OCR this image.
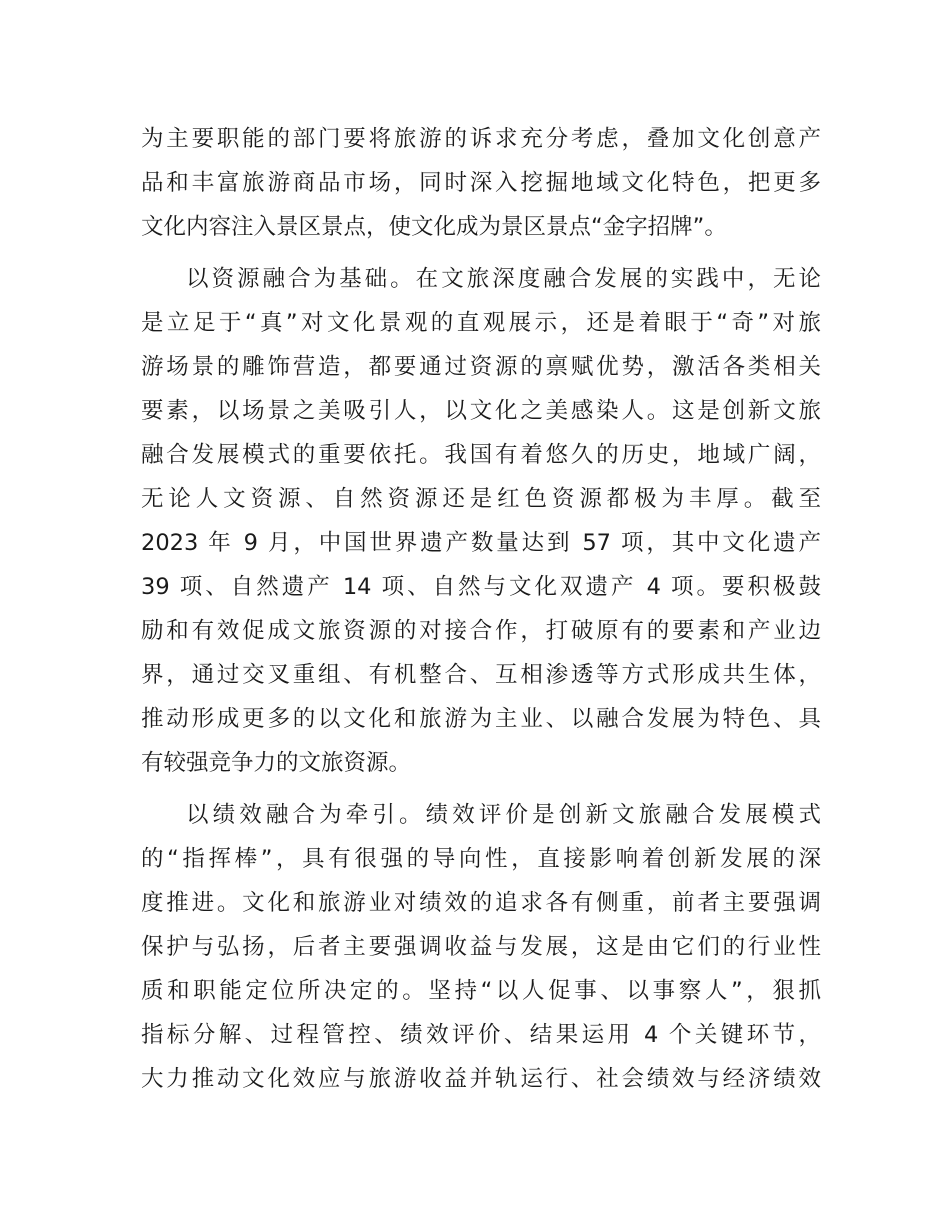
为主要职能的部门要将旅游的诉求充分考虑，叠加文化创意产
品和丰富旅游商品市场，同时深入挖掘地域文化特色，把更多
文化内容注入景区景点，使文化成为景区景点“金字招牌”。
以资源融合为基础。在文旅深度融合发展的实践中，无论
是立足于“真”对文化景观的直观展示，还是着眼于“奇”对旅
游场景的雕饰营造，都要通过资源的禀赋优势，激活各类相关
要素，以场景之美吸引人，以文化之美感染人。这是创新文旅
融合发展模式的重要依托。我国有着悠久的历史，地域广阔，
无论人文资源、自然资源还是红色资源都极为丰厚。截至
2023 年 9 月，中国世界遗产数量达到 57 项，其中文化遗产
39 项、自然遗产 14 项、自然与文化双遗产 4 项。要积极鼓
励和有效促成文旅资源的对接合作，打破原有的要素和产业边
界，通过交叉重组、有机整合、互相渗透等方式形成共生体，
推动形成更多的以文化和旅游为主业、以融合发展为特色、具
有较强竞争力的文旅资源。
以绩效融合为牵引。绩效评价是创新文旅融合发展模式
的“指挥棒”，具有很强的导向性，直接影响着创新发展的深
度推进。文化和旅游业对绩效的追求各有侧重，前者主要强调
保护与弘扬，后者主要强调收益与发展，这是由它们的行业性
质和职能定位所决定的。坚持“以人促事、以事察人”，狠抓
指标分解、过程管控、绩效评价、结果运用 4 个关键环节，
大力推动文化效应与旅游收益并轨运行、社会绩效与经济绩效
